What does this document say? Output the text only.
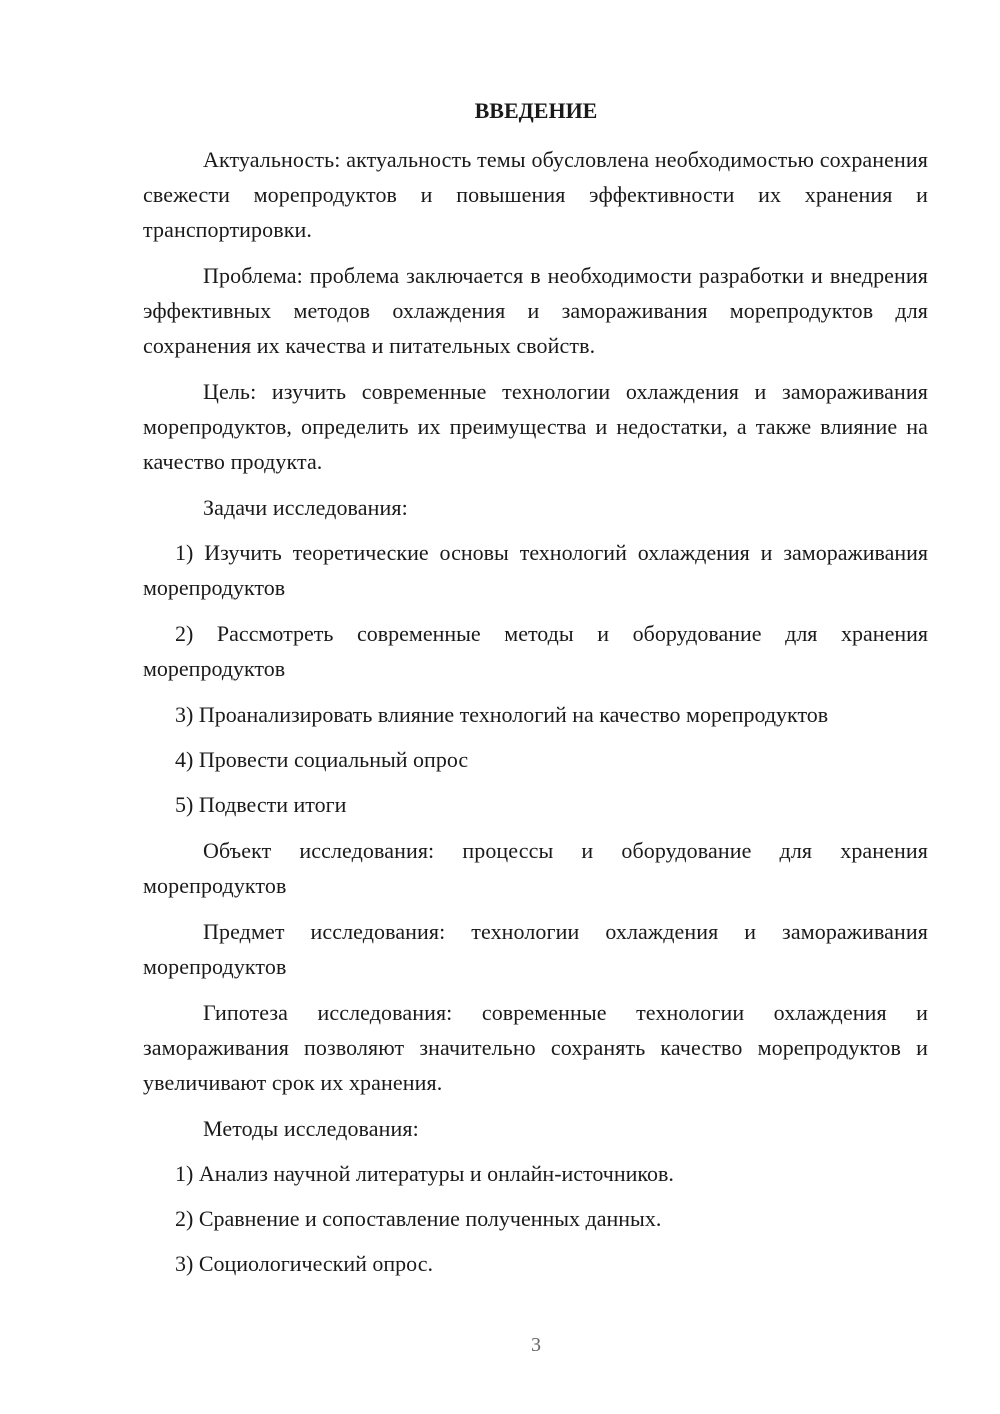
ВВЕДЕНИЕ

Актуальность: актуальность темы обусловлена необходимостью сохранения свежести морепродуктов и повышения эффективности их хранения и транспортировки.

Проблема: проблема заключается в необходимости разработки и внедрения эффективных методов охлаждения и замораживания морепродуктов для сохранения их качества и питательных свойств.

Цель: изучить современные технологии охлаждения и замораживания морепродуктов, определить их преимущества и недостатки, а также влияние на качество продукта.

Задачи исследования:

1) Изучить теоретические основы технологий охлаждения и замораживания морепродуктов

2) Рассмотреть современные методы и оборудование для хранения морепродуктов

3) Проанализировать влияние технологий на качество морепродуктов

4) Провести социальный опрос

5) Подвести итоги

Объект исследования: процессы и оборудование для хранения морепродуктов

Предмет исследования: технологии охлаждения и замораживания морепродуктов

Гипотеза исследования: современные технологии охлаждения и замораживания позволяют значительно сохранять качество морепродуктов и увеличивают срок их хранения.

Методы исследования:

1) Анализ научной литературы и онлайн-источников.

2) Сравнение и сопоставление полученных данных.

3) Социологический опрос.

3
